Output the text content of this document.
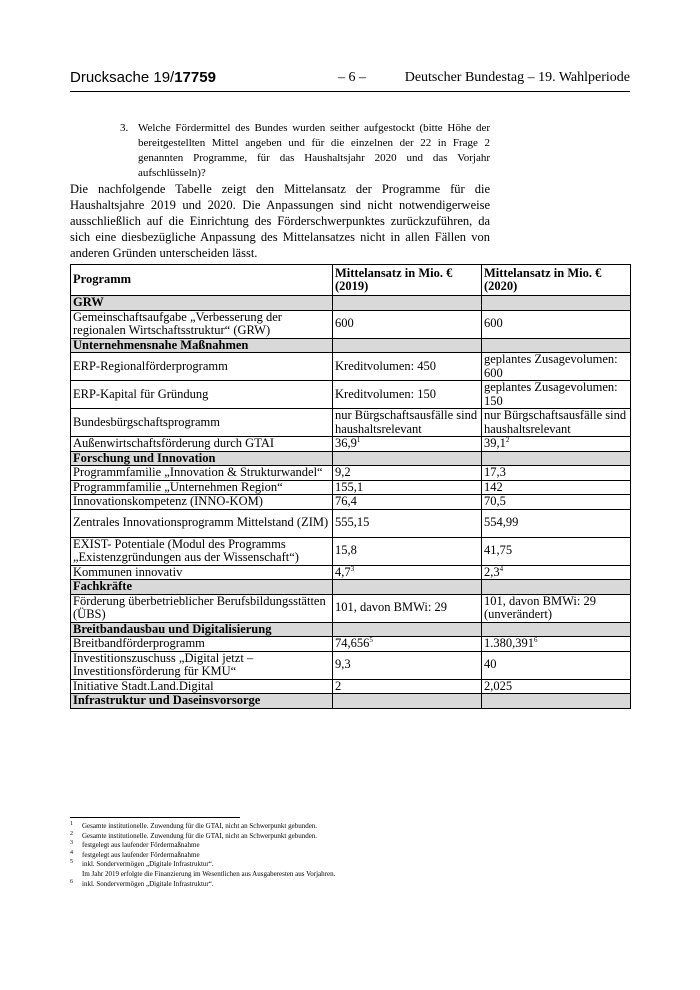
Drucksache 19/17759	– 6 –	Deutscher Bundestag – 19. Wahlperiode
3. Welche Fördermittel des Bundes wurden seither aufgestockt (bitte Höhe der bereitgestellten Mittel angeben und für die einzelnen der 22 in Frage 2 genannten Programme, für das Haushaltsjahr 2020 und das Vorjahr aufschlüsseln)?
Die nachfolgende Tabelle zeigt den Mittelansatz der Programme für die Haushaltsjahre 2019 und 2020. Die Anpassungen sind nicht notwendigerweise ausschließlich auf die Einrichtung des Förderschwerpunktes zurückzuführen, da sich eine diesbezügliche Anpassung des Mittelansatzes nicht in allen Fällen von anderen Gründen unterscheiden lässt.
Programm	Mittelansatz in Mio. € (2019)	Mittelansatz in Mio. € (2020)
GRW		
Gemeinschaftsaufgabe „Verbesserung der regionalen Wirtschaftsstruktur“ (GRW)	600	600
Unternehmensnahe Maßnahmen		
ERP-Regionalförderprogramm	Kreditvolumen: 450	geplantes Zusagevolumen: 600
ERP-Kapital für Gründung	Kreditvolumen: 150	geplantes Zusagevolumen: 150
Bundesbürgschaftsprogramm	nur Bürgschaftsausfälle sind haushaltsrelevant	nur Bürgschaftsausfälle sind haushaltsrelevant
Außenwirtschaftsförderung durch GTAI	36,9$^1$	39,1$^2$
Forschung und Innovation		
Programmfamilie „Innovation & Strukturwandel“	9,2	17,3
Programmfamilie „Unternehmen Region“	155,1	142
Innovationskompetenz (INNO-KOM)	76,4	70,5
Zentrales Innovationsprogramm Mittelstand (ZIM)	555,15	554,99
EXIST- Potentiale (Modul des Programms „Existenzgründungen aus der Wissenschaft“)	15,8	41,75
Kommunen innovativ	$4,7^3$	$2,3^4$
Fachkräfte		
Förderung überbetrieblicher Berufsbildungsstätten (ÜBS)	101, davon BMWi: 29	101, davon BMWi: 29 (unverändert)
Breitbandausbau und Digitalisierung		
Breitbandförderprogramm	74,656$^5$	1.380,391$^6$
Investitionszuschuss „Digital jetzt – Investitionsförderung für KMU“	9,3	40
Initiative Stadt.Land.Digital	2	2,025
Infrastruktur und Daseinsvorsorge		
1 Gesamte institutionelle. Zuwendung für die GTAI, nicht an Schwerpunkt gebunden.
2 Gesamte institutionelle. Zuwendung für die GTAI, nicht an Schwerpunkt gebunden.
3 festgelegt aus laufender Fördermaßnahme
4 festgelegt aus laufender Fördermaßnahme
5 inkl. Sondervermögen „Digitale Infrastruktur“.
Im Jahr 2019 erfolgte die Finanzierung im Wesentlichen aus Ausgaberesten aus Vorjahren.
6 inkl. Sondervermögen „Digitale Infrastruktur“.
